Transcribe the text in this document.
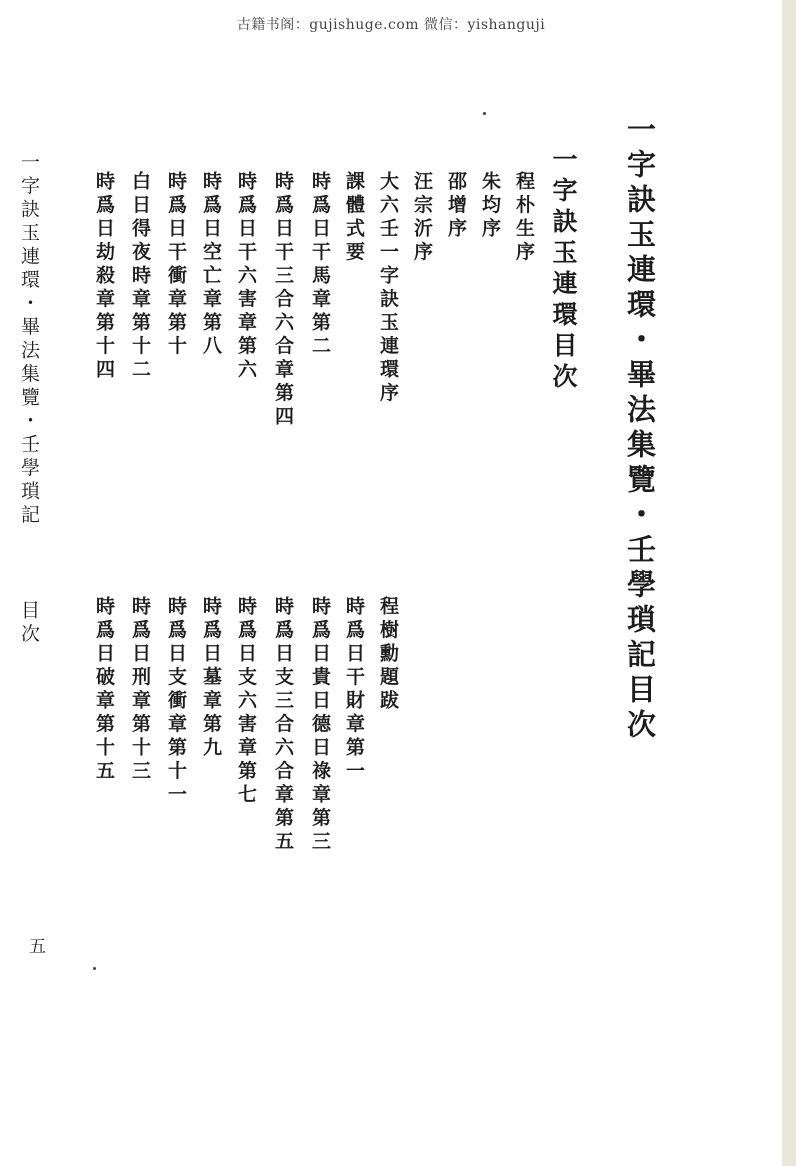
古籍书阁：gujishuge.com 微信：yishanguji
一字訣玉連環・畢法集覽・壬學瑣記目次
一字訣玉連環目次
程朴生序
朱均序
邵增序
汪宗沂序
大六壬一字訣玉連環序
程樹勳題跋
課體式要
時爲日干財章第一
時爲日干馬章第二
時爲日貴日德日祿章第三
時爲日干三合六合章第四
時爲日支三合六合章第五
時爲日干六害章第六
時爲日支六害章第七
時爲日空亡章第八
時爲日墓章第九
時爲日干衝章第十
時爲日支衝章第十一
白日得夜時章第十二
時爲日刑章第十三
時爲日劫殺章第十四
時爲日破章第十五
一字訣玉連環・畢法集覽・壬學瑣記
目次
五
